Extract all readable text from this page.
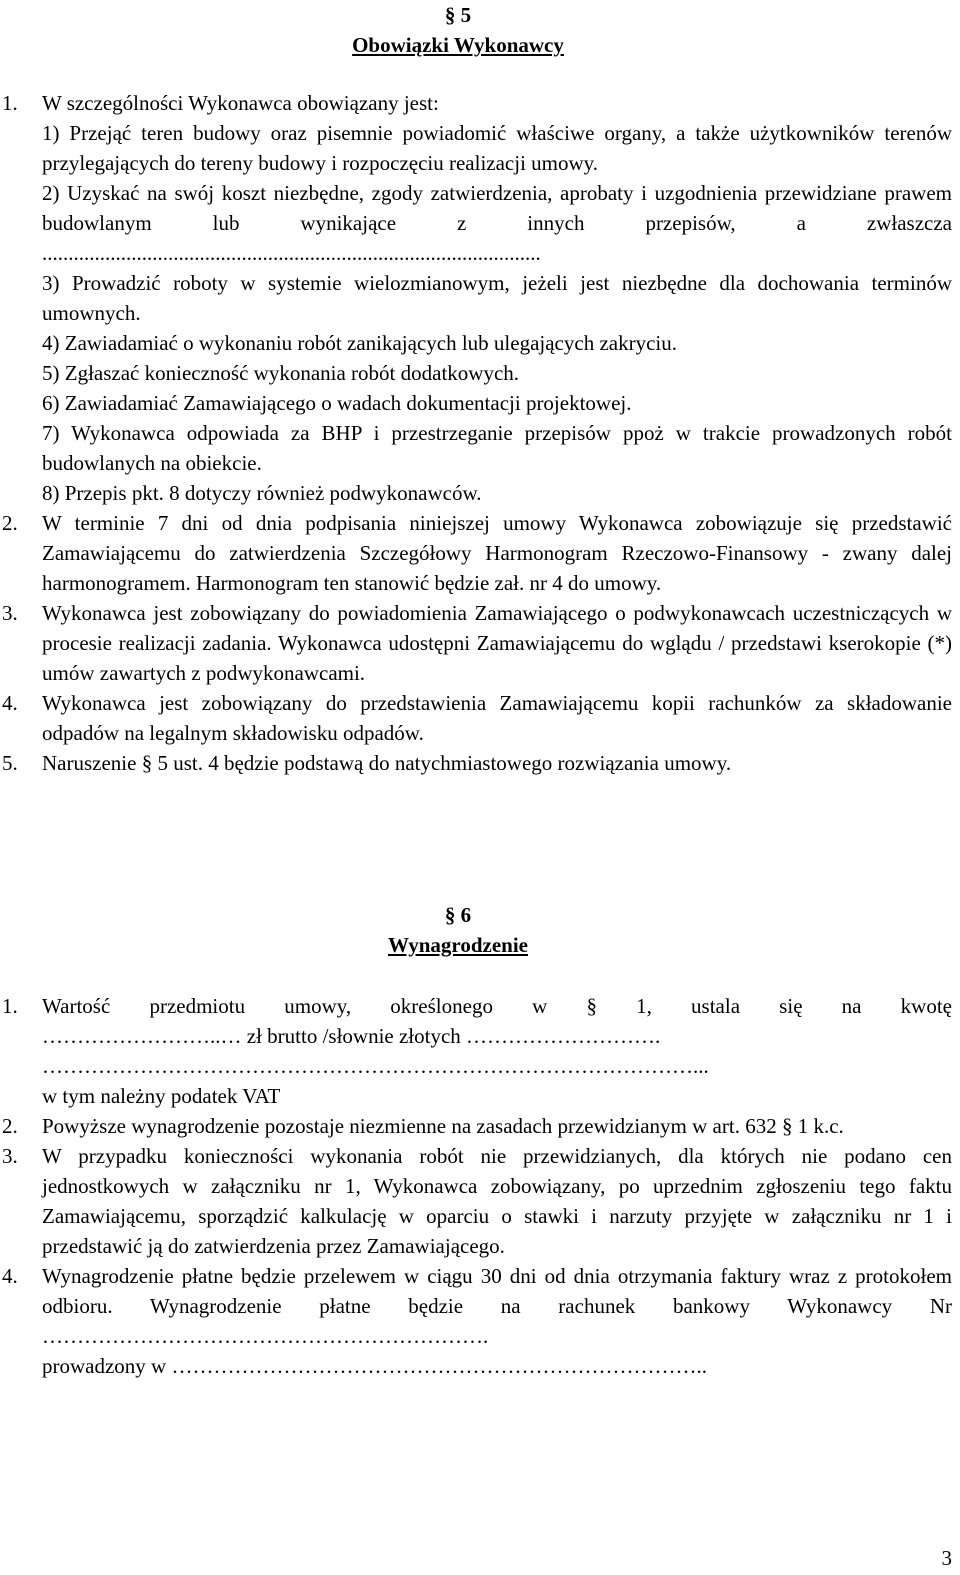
§ 5
Obowiązki Wykonawcy
1.	W szczególności Wykonawca obowiązany jest:
1) Przejąć teren budowy oraz pisemnie powiadomić właściwe organy, a także użytkowników terenów przylegających do tereny budowy i rozpoczęciu realizacji umowy.
2) Uzyskać na swój koszt niezbędne, zgody zatwierdzenia, aprobaty i uzgodnienia przewidziane prawem budowlanym lub wynikające z innych przepisów, a zwłaszcza ...............................................................................................
3) Prowadzić roboty w systemie wielozmianowym, jeżeli jest niezbędne dla dochowania terminów umownych.
4) Zawiadamiać o wykonaniu robót zanikających lub ulegających zakryciu.
5) Zgłaszać konieczność wykonania robót dodatkowych.
6) Zawiadamiać Zamawiającego o wadach dokumentacji projektowej.
7) Wykonawca odpowiada za BHP i przestrzeganie przepisów ppoż w trakcie prowadzonych robót budowlanych na obiekcie.
8) Przepis pkt. 8 dotyczy również podwykonawców.
2.	W terminie 7 dni od dnia podpisania niniejszej umowy Wykonawca zobowiązuje się przedstawić Zamawiającemu do zatwierdzenia Szczegółowy Harmonogram Rzeczowo-Finansowy - zwany dalej harmonogramem. Harmonogram ten stanowić będzie zał. nr 4 do umowy.
3.	Wykonawca jest zobowiązany do powiadomienia Zamawiającego o podwykonawcach uczestniczących w procesie realizacji zadania. Wykonawca udostępni Zamawiającemu do wglądu / przedstawi kserokopie (*) umów zawartych z podwykonawcami.
4.	Wykonawca jest zobowiązany do przedstawienia Zamawiającemu kopii rachunków za składowanie odpadów na legalnym składowisku odpadów.
5.	Naruszenie § 5 ust. 4 będzie podstawą do natychmiastowego rozwiązania umowy.
§ 6
Wynagrodzenie
1.	Wartość przedmiotu umowy, określonego w § 1, ustala się na kwotę
……………………..… zł brutto /słownie złotych ……………………….
…………………………………………………………………………………...
w tym należny podatek VAT
2.	Powyższe wynagrodzenie pozostaje niezmienne na zasadach przewidzianym w art. 632 § 1 k.c.
3.	W przypadku konieczności wykonania robót nie przewidzianych, dla których nie podano cen jednostkowych w załączniku nr 1, Wykonawca zobowiązany, po uprzednim zgłoszeniu tego faktu Zamawiającemu, sporządzić kalkulację w oparciu o stawki i narzuty przyjęte w załączniku nr 1 i przedstawić ją do zatwierdzenia przez Zamawiającego.
4.	Wynagrodzenie płatne będzie przelewem w ciągu 30 dni od dnia otrzymania faktury wraz z protokołem odbioru. Wynagrodzenie płatne będzie na rachunek bankowy Wykonawcy Nr ……………………………………………………….
prowadzony w …………………………………………………………………..
3
